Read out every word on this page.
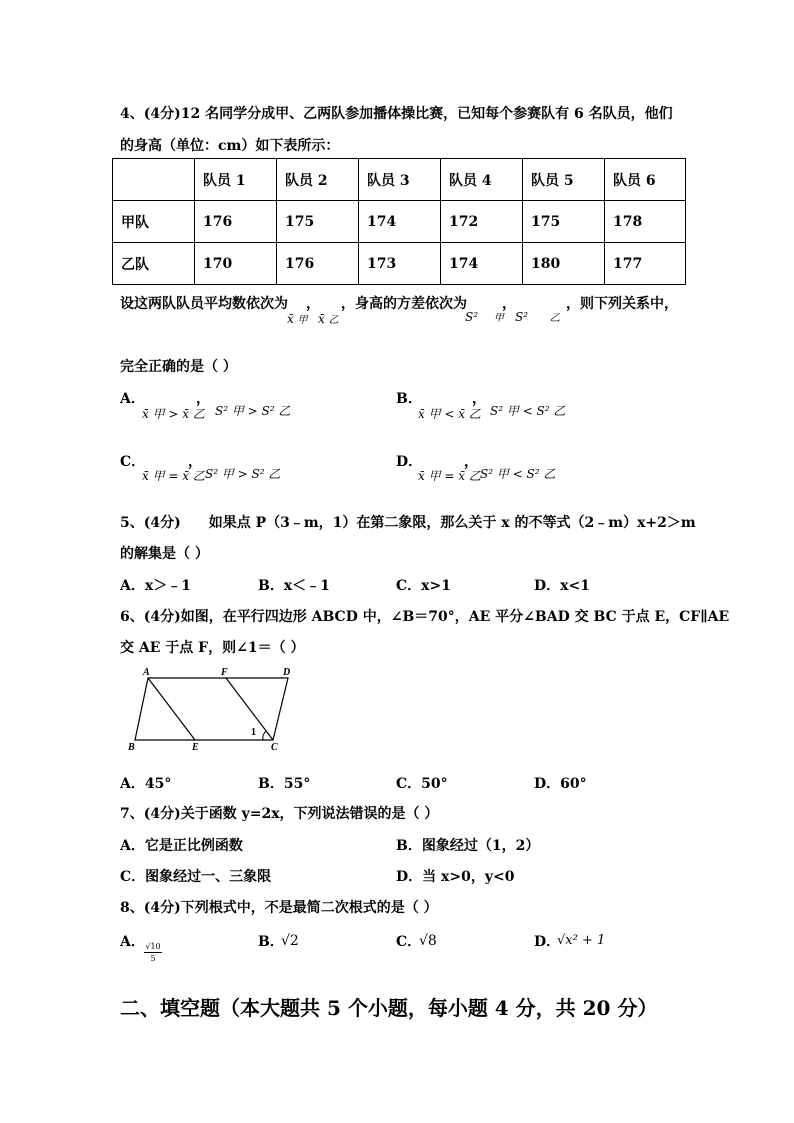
4、(4分)12 名同学分成甲、乙两队参加播体操比赛，已知每个参赛队有 6 名队员，他们
的身高（单位：cm）如下表所示：
	队员 1	队员 2	队员 3	队员 4	队员 5	队员 6
甲队	176	175	174	172	175	178
乙队	170	176	173	174	180	177
设这两队队员平均数依次为 ， ，身高的方差依次为	，	，则下列关系中，
x̄ 甲 x̄ 乙	S² 甲 S² 乙
完全正确的是（ ）
A．	，
x̄ 甲 > x̄ 乙 S² 甲 > S² 乙
B．	，
x̄ 甲 < x̄ 乙 S² 甲 < S² 乙
C．	，
x̄ 甲 = x̄ 乙 S² 甲 > S² 乙
D．	，
x̄ 甲 = x̄ 乙 S² 甲 < S² 乙
5、(4分)　　如果点 P（3﹣m，1）在第二象限，那么关于 x 的不等式（2﹣m）x+2＞m
的解集是（ ）
A．x＞﹣1	B．x＜﹣1	C．x>1	D．x<1
6、(4分)如图，在平行四边形 ABCD 中，∠B＝70°，AE 平分∠BAD 交 BC 于点 E，CF∥AE
交 AE 于点 F，则∠1＝（ ）
A	F	D
B	E	C
1
A．45°	B．55°	C．50°	D．60°
7、(4分)关于函数 y=2x，下列说法错误的是（ ）
A．它是正比例函数	B．图象经过（1，2）
C．图象经过一、三象限	D．当 x>0，y<0
8、(4分)下列根式中，不是最简二次根式的是（ ）
A． $\frac{√10}{5}$	B．
√2	C．
√8	D．
√x² + 1
二、填空题（本大题共 5 个小题，每小题 4 分，共 20 分）
